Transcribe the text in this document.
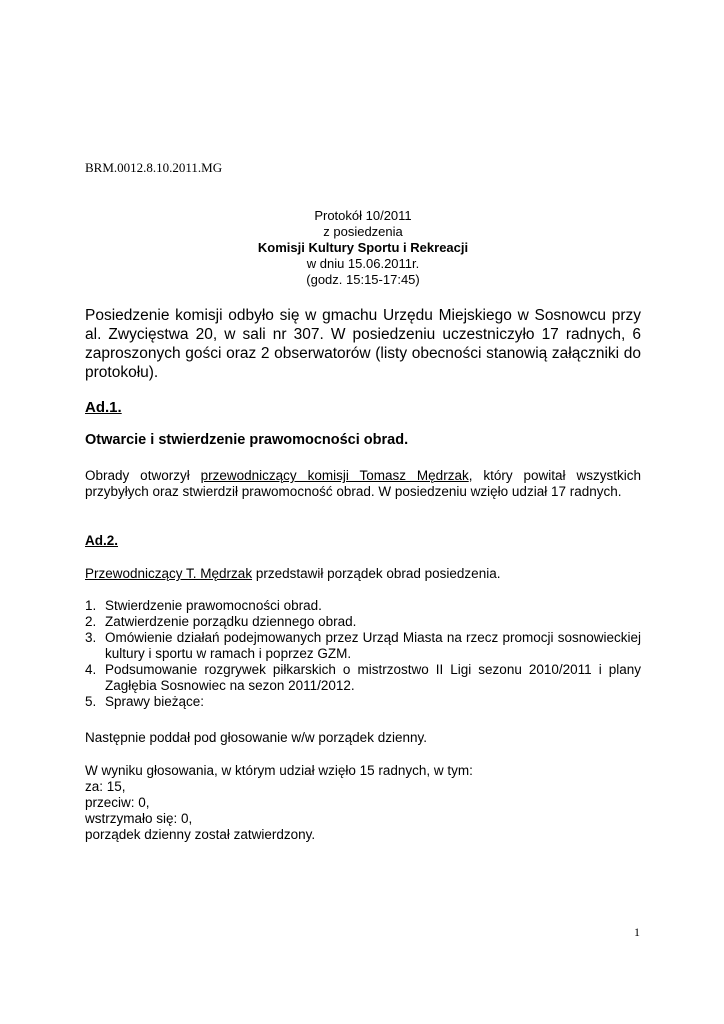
BRM.0012.8.10.2011.MG
Protokół 10/2011
z posiedzenia
Komisji Kultury Sportu i Rekreacji
w dniu 15.06.2011r.
(godz. 15:15-17:45)
Posiedzenie komisji odbyło się w gmachu Urzędu Miejskiego w Sosnowcu przy al. Zwycięstwa 20, w sali nr 307. W posiedzeniu uczestniczyło 17 radnych, 6 zaproszonych gości oraz 2 obserwatorów (listy obecności stanowią załączniki do protokołu).
Ad.1.
Otwarcie i stwierdzenie prawomocności obrad.
Obrady otworzył przewodniczący komisji Tomasz Mędrzak, który powitał wszystkich przybyłych oraz stwierdził prawomocność obrad. W posiedzeniu wzięło udział 17 radnych.
Ad.2.
Przewodniczący T. Mędrzak przedstawił porządek obrad posiedzenia.
1. Stwierdzenie prawomocności obrad.
2. Zatwierdzenie porządku dziennego obrad.
3. Omówienie działań podejmowanych przez Urząd Miasta na rzecz promocji sosnowieckiej kultury i sportu w ramach i poprzez GZM.
4. Podsumowanie rozgrywek piłkarskich o mistrzostwo II Ligi sezonu 2010/2011 i plany Zagłębia Sosnowiec na sezon 2011/2012.
5. Sprawy bieżące:
Następnie poddał pod głosowanie w/w porządek dzienny.
W wyniku głosowania, w którym udział wzięło 15 radnych, w tym:
za: 15,
przeciw: 0,
wstrzymało się: 0,
porządek dzienny został zatwierdzony.
1
